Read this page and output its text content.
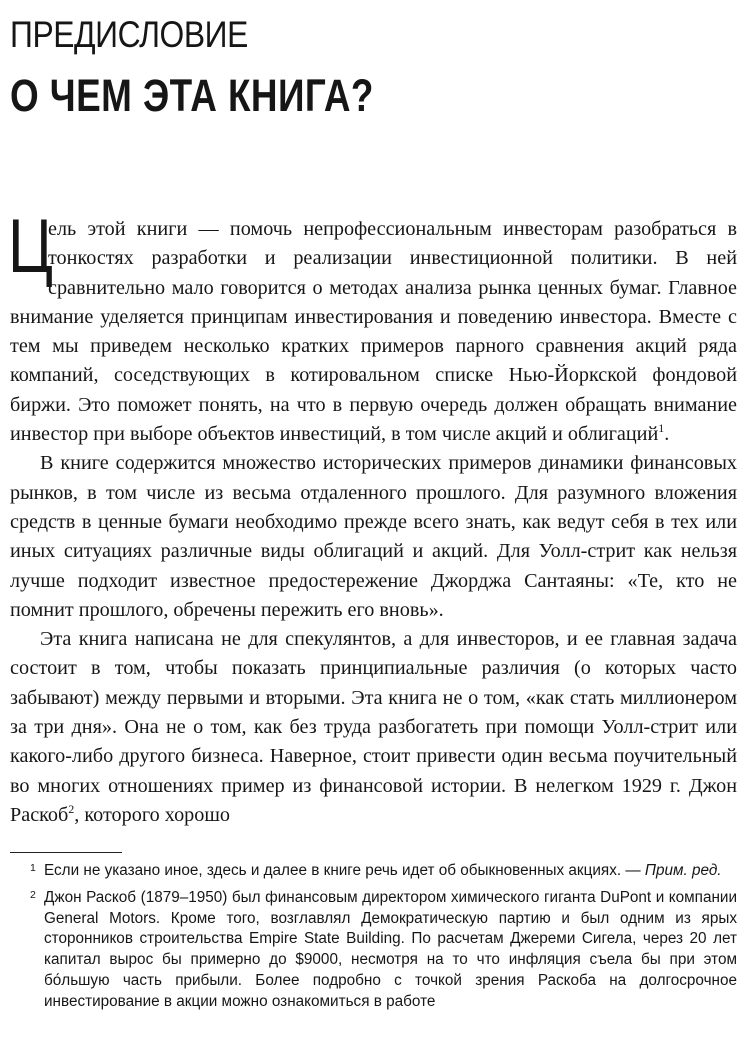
ПРЕДИСЛОВИЕ
О ЧЕМ ЭТА КНИГА?

Ц
ель этой книги — помочь непрофессиональным инвесторам разобраться в тонкостях разработки и реализации инвестиционной политики. В ней сравнительно мало говорится о методах анализа рынка ценных бумаг. Главное внимание уделяется принципам инвестирования и поведению инвестора. Вместе с тем мы приведем несколько кратких примеров парного сравнения акций ряда компаний, соседствующих в котировальном списке Нью-Йоркской фондовой биржи. Это поможет понять, на что в первую очередь должен обращать внимание инвестор при выборе объектов инвестиций, в том числе акций и облигаций$^1$.

В книге содержится множество исторических примеров динамики финансовых рынков, в том числе из весьма отдаленного прошлого. Для разумного вложения средств в ценные бумаги необходимо прежде всего знать, как ведут себя в тех или иных ситуациях различные виды облигаций и акций. Для Уолл-стрит как нельзя лучше подходит известное предостережение Джорджа Сантаяны: «Те, кто не помнит прошлого, обречены пережить его вновь».

Эта книга написана не для спекулянтов, а для инвесторов, и ее главная задача состоит в том, чтобы показать принципиальные различия (о которых часто забывают) между первыми и вторыми. Эта книга не о том, «как стать миллионером за три дня». Она не о том, как без труда разбогатеть при помощи Уолл-стрит или какого-либо другого бизнеса. Наверное, стоит привести один весьма поучительный во многих отношениях пример из финансовой истории. В нелегком 1929 г. Джон Раскоб$^2$, которого хорошо

1 Если не указано иное, здесь и далее в книге речь идет об обыкновенных акциях. — Прим. ред.
2 Джон Раскоб (1879–1950) был финансовым директором химического гиганта DuPont и компании General Motors. Кроме того, возглавлял Демократическую партию и был одним из ярых сторонников строительства Empire State Building. По расчетам Джереми Сигела, через 20 лет капитал вырос бы примерно до $9000, несмотря на то что инфляция съела бы при этом бо́льшую часть прибыли. Более подробно с точкой зрения Раскоба на долгосрочное инвестирование в акции можно ознакомиться в работе
